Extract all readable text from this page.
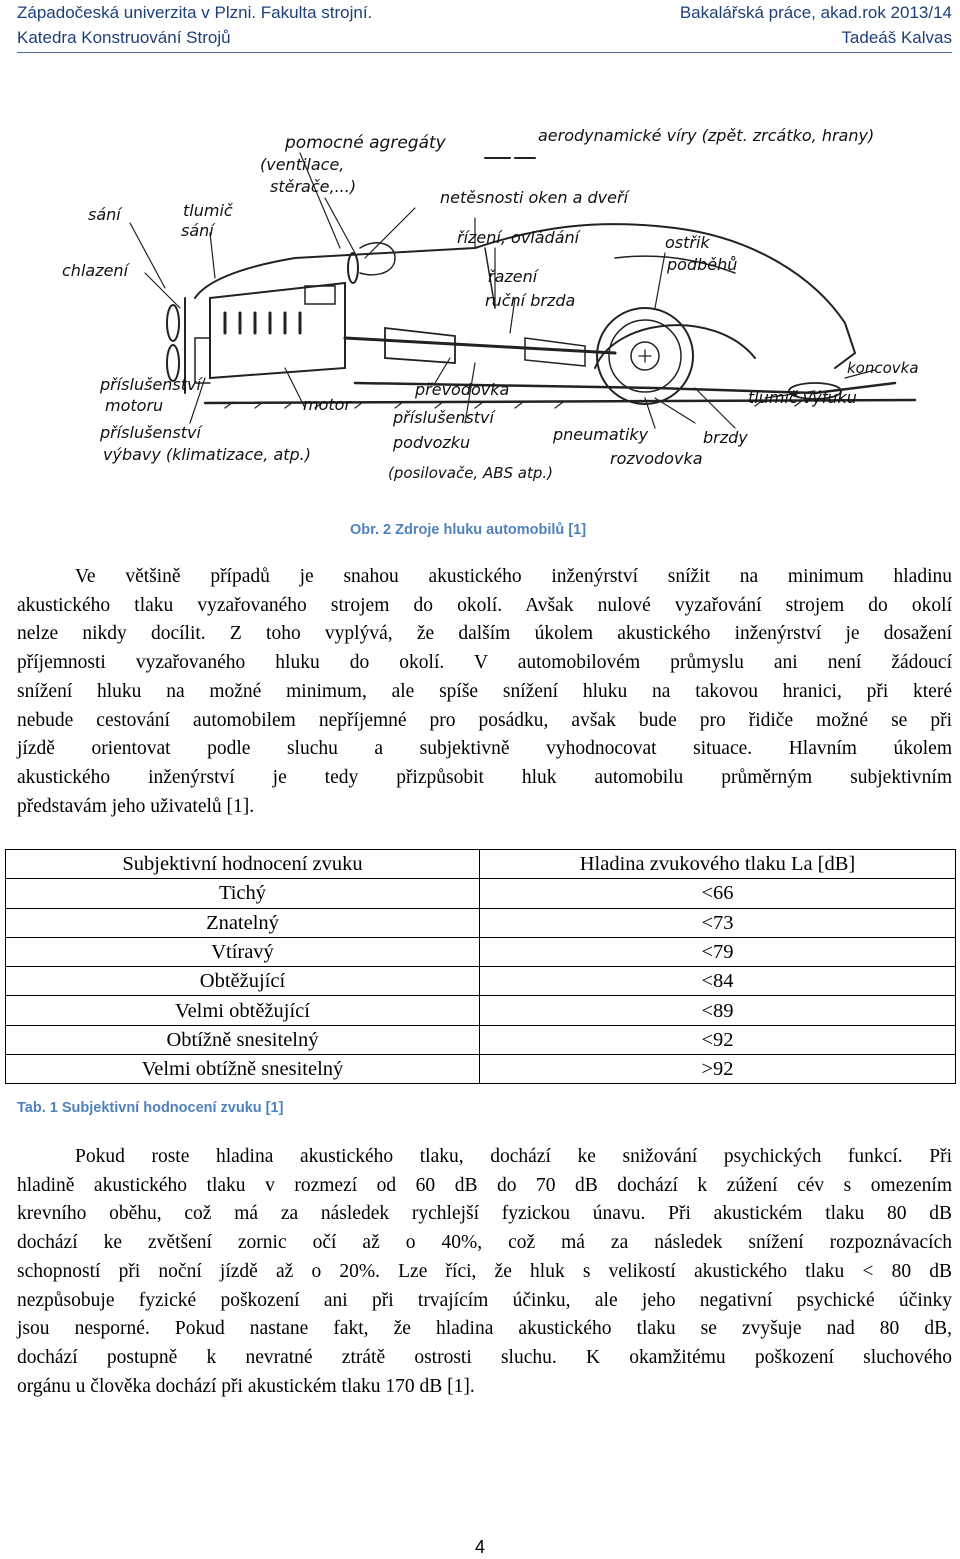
Západočeská univerzita v Plzni. Fakulta strojní.	Bakalářská práce, akad.rok 2013/14
Katedra Konstruování Strojů	Tadeáš Kalvas
pomocné agregáty
(ventilace,
stěrače,...)
aerodynamické víry (zpět. zrcátko, hrany)
sání	tlumič
sání
netěsnosti oken a dveří
chlazení
řízení, ovládání
řazení
ruční brzda
ostřik
podběhů
koncovka
tlumič výfuku
příslušenství
motoru	motor
převodovka
příslušenství
výbavy (klimatizace, atp.)
příslušenství
podvozku
(posilovače, ABS atp.)
pneumatiky	brzdy
rozvodovka
Obr. 2 Zdroje hluku automobilů [1]
Ve většině případů je snahou akustického inženýrství snížit na minimum hladinu
akustického tlaku vyzařovaného strojem do okolí. Avšak nulové vyzařování strojem do okolí
nelze nikdy docílit. Z toho vyplývá, že dalším úkolem akustického inženýrství je dosažení
příjemnosti vyzařovaného hluku do okolí. V automobilovém průmyslu ani není žádoucí
snížení hluku na možné minimum, ale spíše snížení hluku na takovou hranici, při které
nebude cestování automobilem nepříjemné pro posádku, avšak bude pro řidiče možné se při
jízdě orientovat podle sluchu a subjektivně vyhodnocovat situace. Hlavním úkolem
akustického inženýrství je tedy přizpůsobit hluk automobilu průměrným subjektivním
představám jeho uživatelů [1].
Subjektivní hodnocení zvuku	Hladina zvukového tlaku La [dB]
Tichý	<66
Znatelný	<73
Vtíravý	<79
Obtěžující	<84
Velmi obtěžující	<89
Obtížně snesitelný	<92
Velmi obtížně snesitelný	>92
Tab. 1 Subjektivní hodnocení zvuku [1]
Pokud roste hladina akustického tlaku, dochází ke snižování psychických funkcí. Při
hladině akustického tlaku v rozmezí od 60 dB do 70 dB dochází k zúžení cév s omezením
krevního oběhu, což má za následek rychlejší fyzickou únavu. Při akustickém tlaku 80 dB
dochází ke zvětšení zornic očí až o 40%, což má za následek snížení rozpoznávacích
schopností při noční jízdě až o 20%. Lze říci, že hluk s velikostí akustického tlaku < 80 dB
nezpůsobuje fyzické poškození ani při trvajícím účinku, ale jeho negativní psychické účinky
jsou nesporné. Pokud nastane fakt, že hladina akustického tlaku se zvyšuje nad 80 dB,
dochází postupně k nevratné ztrátě ostrosti sluchu. K okamžitému poškození sluchového
orgánu u člověka dochází při akustickém tlaku 170 dB [1].
4
